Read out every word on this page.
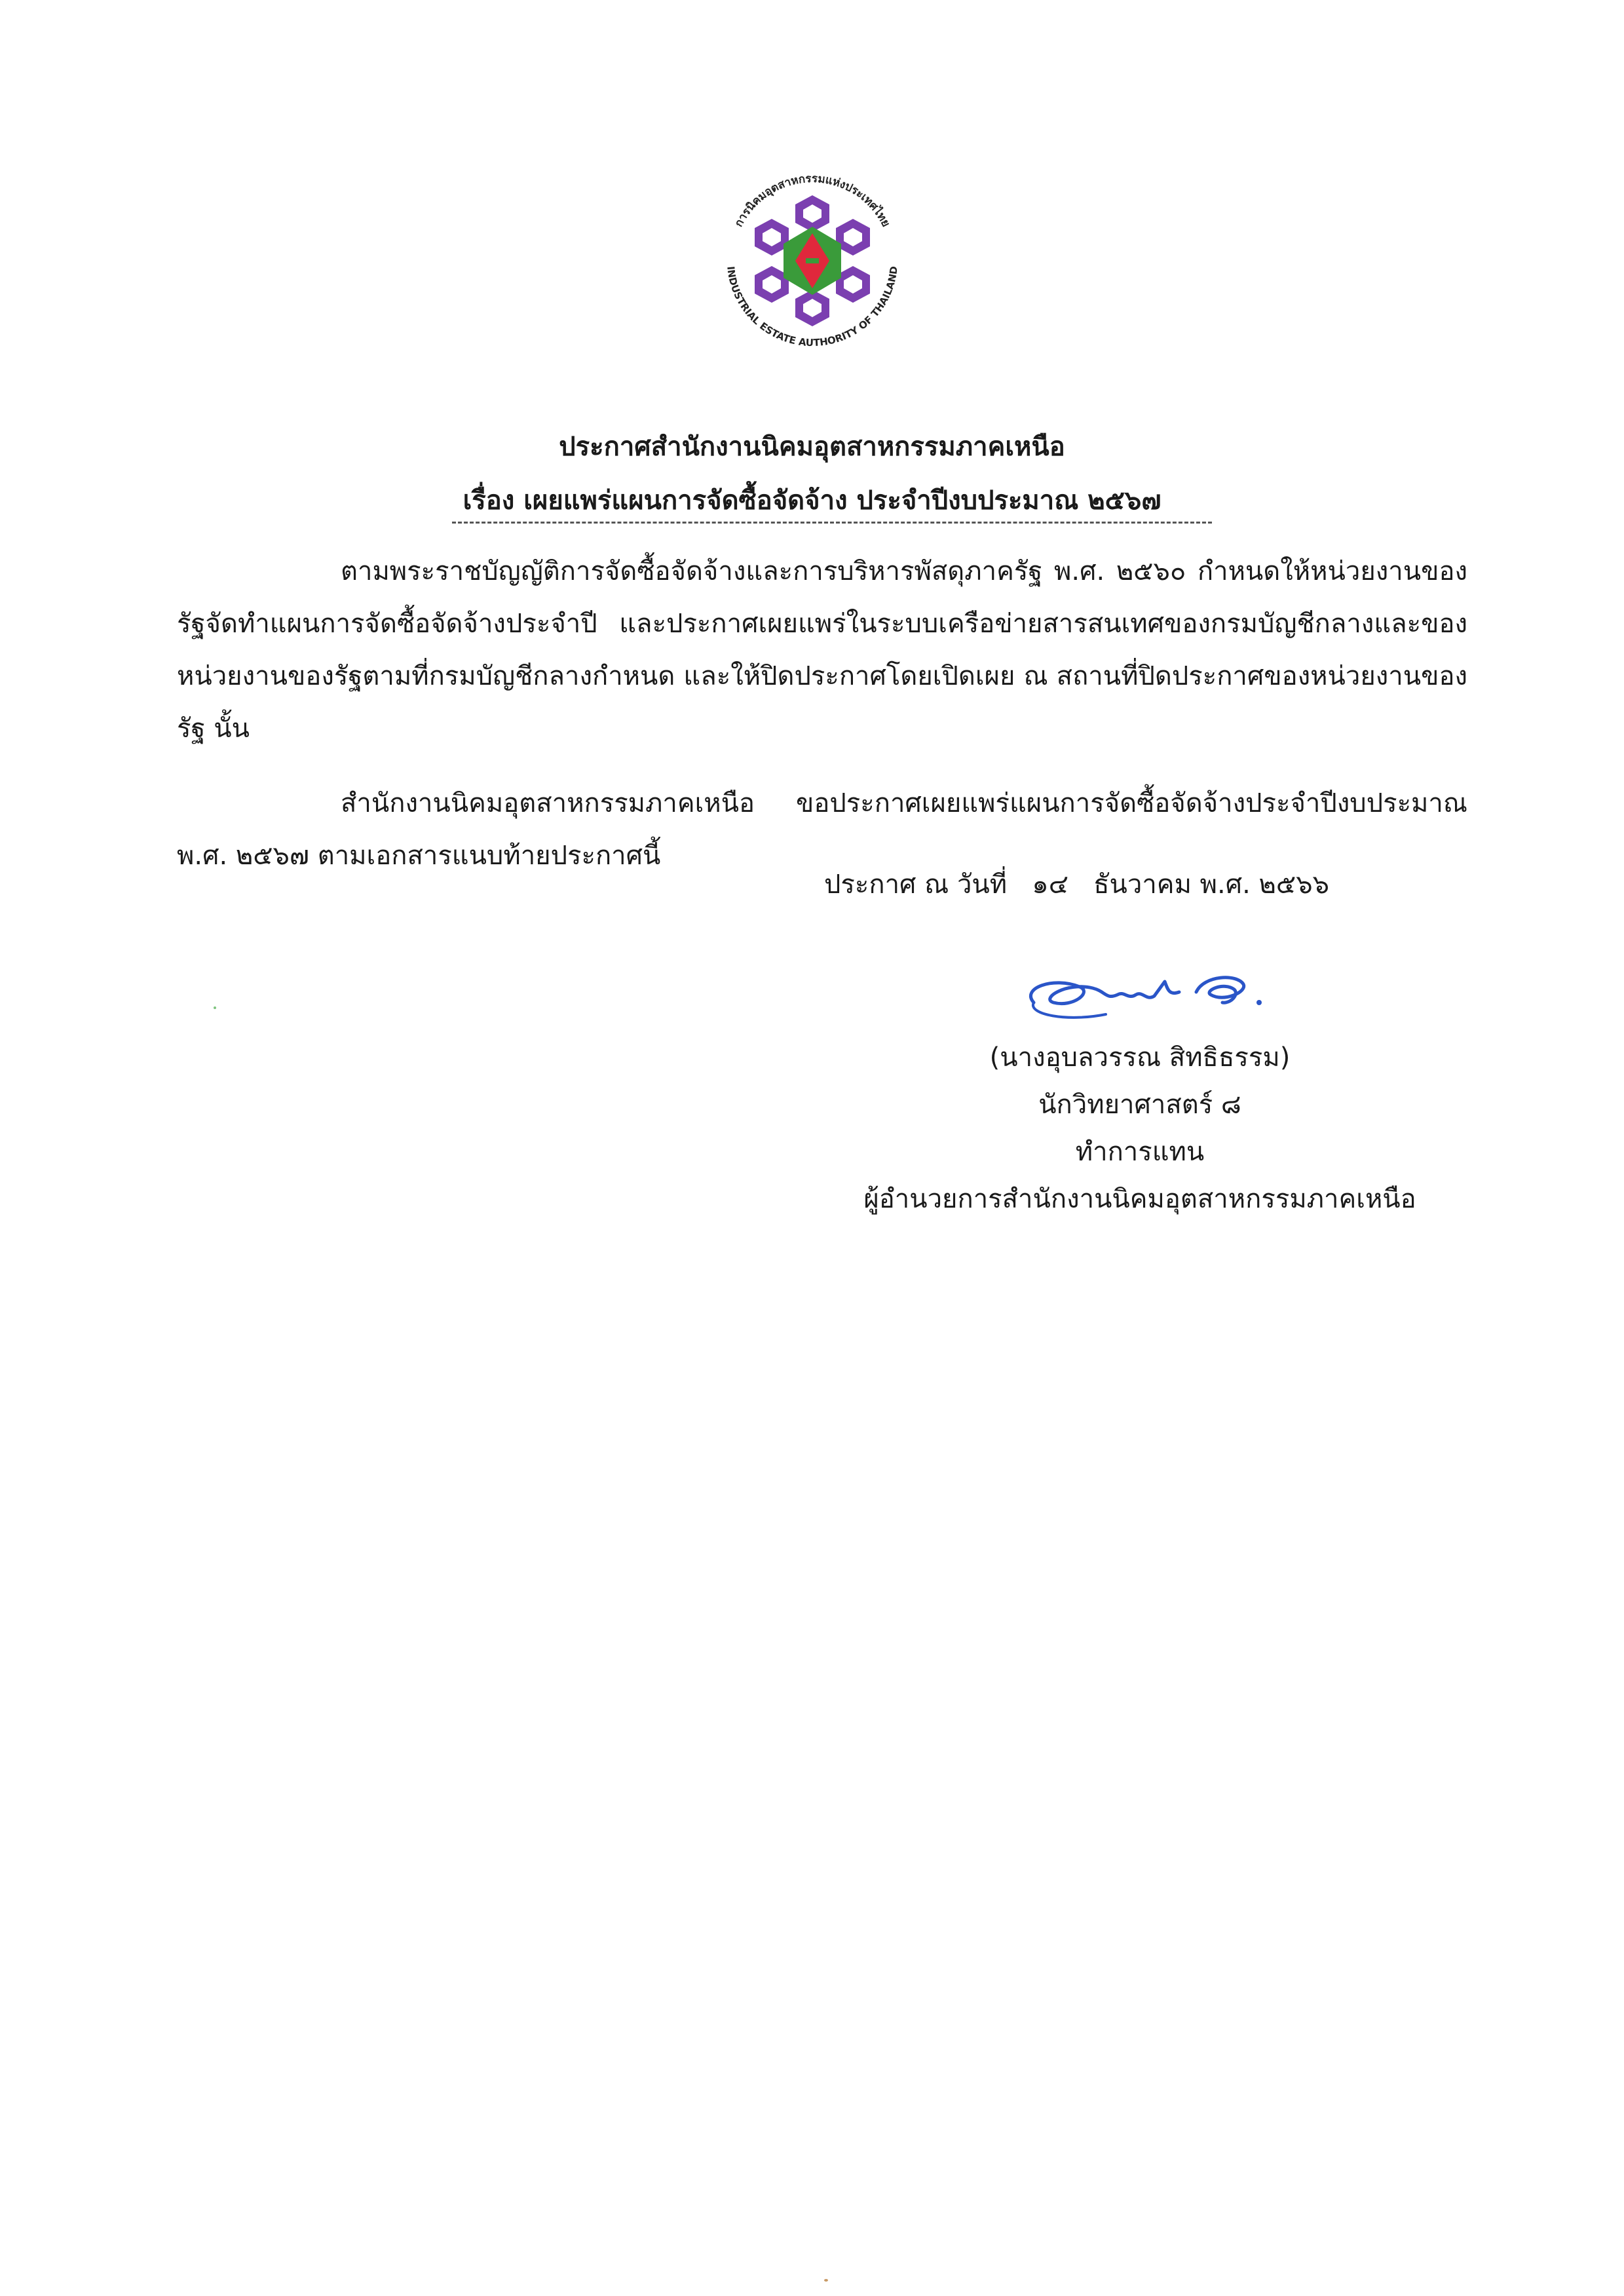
การนิคมอุตสาหกรรมแห่งประเทศไทย
INDUSTRIAL ESTATE AUTHORITY OF THAILAND
ประกาศสำนักงานนิคมอุตสาหกรรมภาคเหนือ
เรื่อง เผยแพร่แผนการจัดซื้อจัดจ้าง ประจำปีงบประมาณ ๒๕๖๗
ตามพระราชบัญญัติการจัดซื้อจัดจ้างและการบริหารพัสดุภาครัฐ พ.ศ. ๒๕๖๐ กำหนดให้หน่วยงานของรัฐจัดทำแผนการจัดซื้อจัดจ้างประจำปี และประกาศเผยแพร่ในระบบเครือข่ายสารสนเทศของกรมบัญชีกลางและของหน่วยงานของรัฐตามที่กรมบัญชีกลางกำหนด และให้ปิดประกาศโดยเปิดเผย ณ สถานที่ปิดประกาศของหน่วยงานของรัฐ นั้น
สำนักงานนิคมอุตสาหกรรมภาคเหนือ ขอประกาศเผยแพร่แผนการจัดซื้อจัดจ้างประจำปีงบประมาณ พ.ศ. ๒๕๖๗ ตามเอกสารแนบท้ายประกาศนี้
ประกาศ ณ วันที่ ๑๔ ธันวาคม พ.ศ. ๒๕๖๖
(นางอุบลวรรณ สิทธิธรรม)
นักวิทยาศาสตร์ ๘
ทำการแทน
ผู้อำนวยการสำนักงานนิคมอุตสาหกรรมภาคเหนือ
